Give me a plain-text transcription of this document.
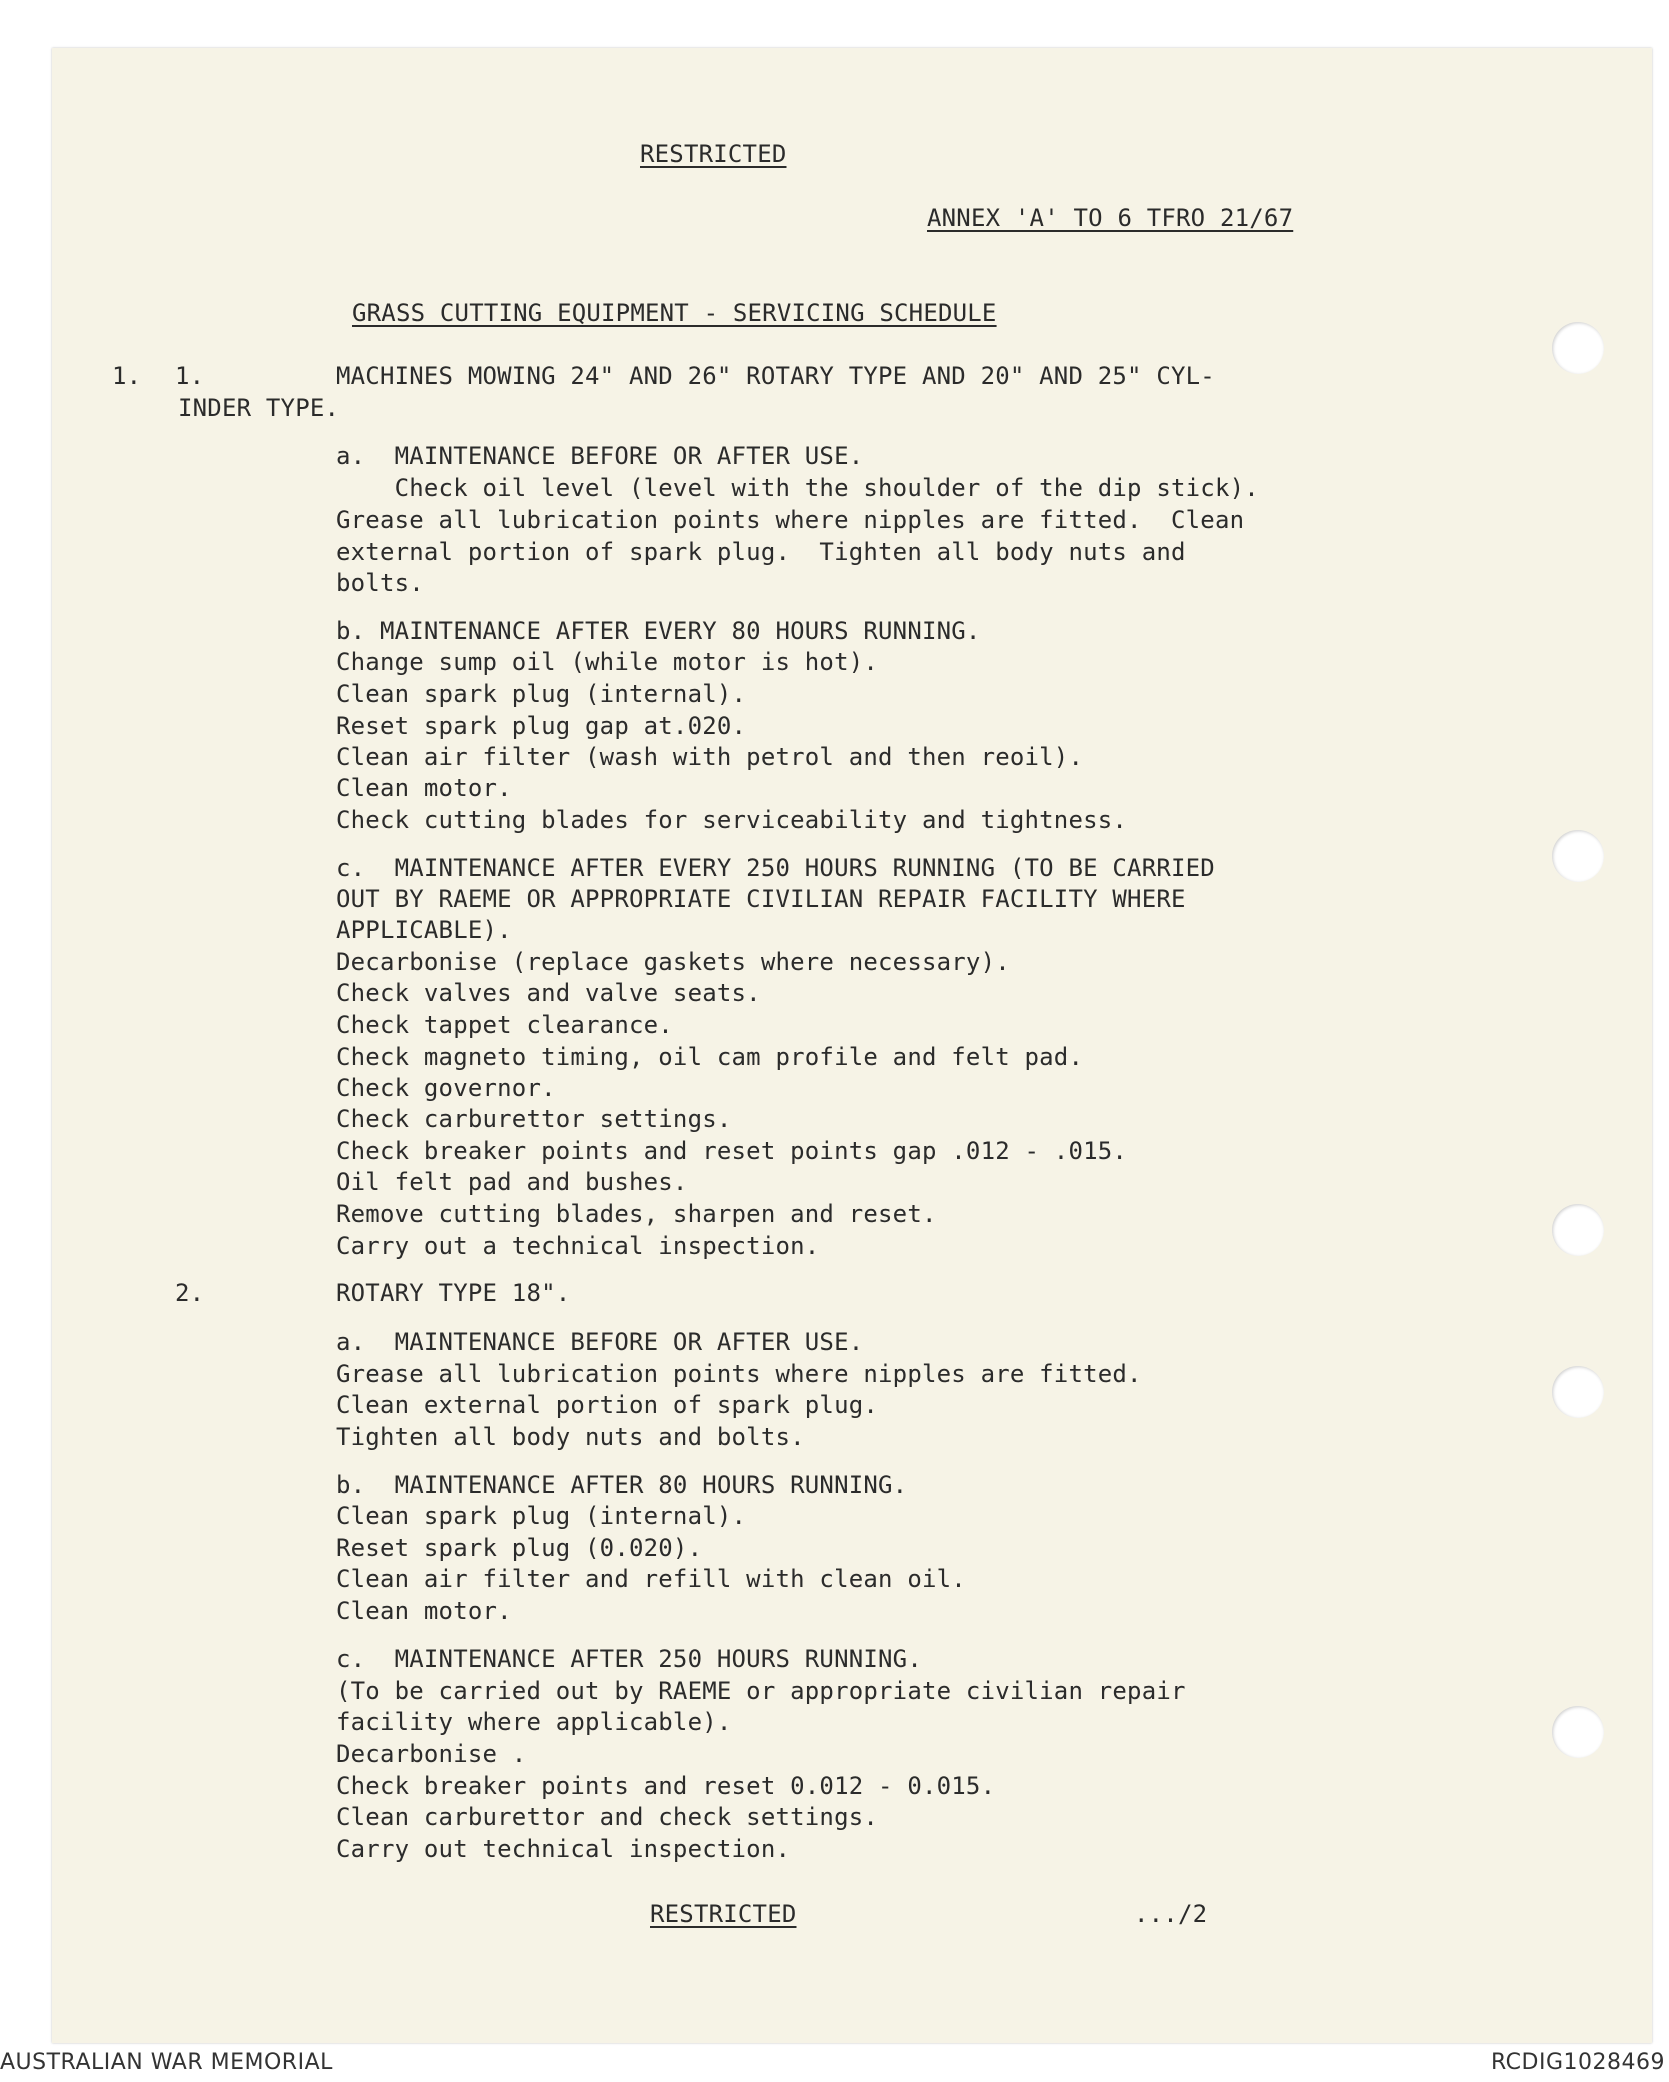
RESTRICTED
ANNEX 'A' TO 6 TFRO 21/67
GRASS CUTTING EQUIPMENT - SERVICING SCHEDULE
1. 1.	MACHINES MOWING 24" AND 26" ROTARY TYPE AND 20" AND 25" CYL-
INDER TYPE.
a.  MAINTENANCE BEFORE OR AFTER USE.
Check oil level (level with the shoulder of the dip stick).
Grease all lubrication points where nipples are fitted.  Clean
external portion of spark plug.  Tighten all body nuts and
bolts.
b. MAINTENANCE AFTER EVERY 80 HOURS RUNNING.
Change sump oil (while motor is hot).
Clean spark plug (internal).
Reset spark plug gap at.020.
Clean air filter (wash with petrol and then reoil).
Clean motor.
Check cutting blades for serviceability and tightness.
c.  MAINTENANCE AFTER EVERY 250 HOURS RUNNING (TO BE CARRIED
OUT BY RAEME OR APPROPRIATE CIVILIAN REPAIR FACILITY WHERE
APPLICABLE).
Decarbonise (replace gaskets where necessary).
Check valves and valve seats.
Check tappet clearance.
Check magneto timing, oil cam profile and felt pad.
Check governor.
Check carburettor settings.
Check breaker points and reset points gap .012 - .015.
Oil felt pad and bushes.
Remove cutting blades, sharpen and reset.
Carry out a technical inspection.
2.	ROTARY TYPE 18".
a.  MAINTENANCE BEFORE OR AFTER USE.
Grease all lubrication points where nipples are fitted.
Clean external portion of spark plug.
Tighten all body nuts and bolts.
b.  MAINTENANCE AFTER 80 HOURS RUNNING.
Clean spark plug (internal).
Reset spark plug (0.020).
Clean air filter and refill with clean oil.
Clean motor.
c.  MAINTENANCE AFTER 250 HOURS RUNNING.
(To be carried out by RAEME or appropriate civilian repair
facility where applicable).
Decarbonise .
Check breaker points and reset 0.012 - 0.015.
Clean carburettor and check settings.
Carry out technical inspection.
RESTRICTED	.../2
AUSTRALIAN WAR MEMORIAL	RCDIG1028469
